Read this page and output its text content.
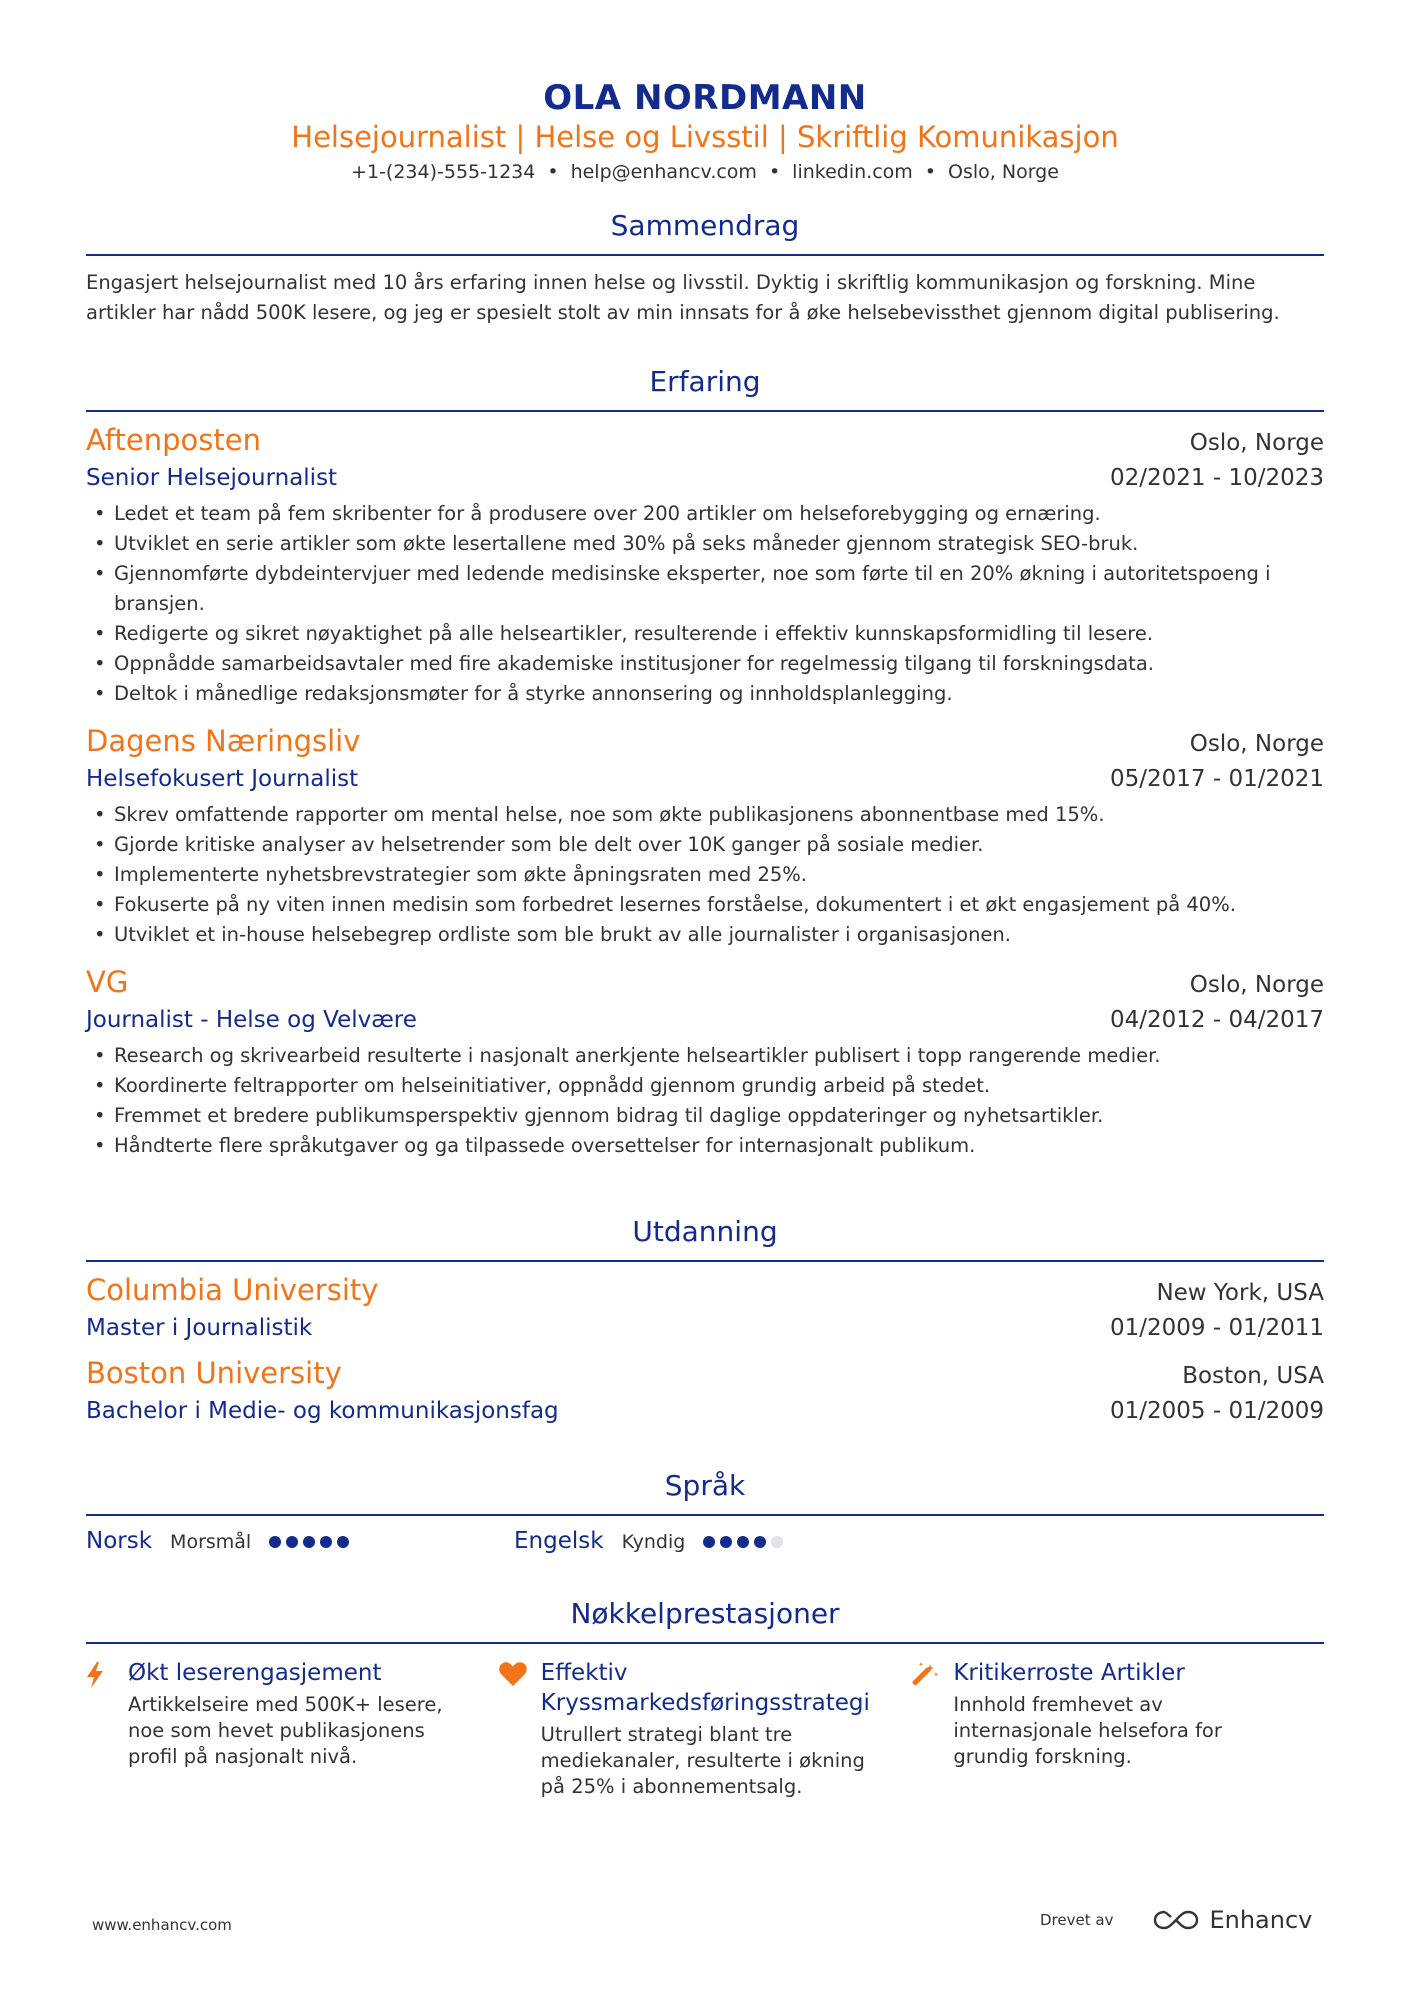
OLA NORDMANN
Helsejournalist | Helse og Livsstil | Skriftlig Komunikasjon
+1-(234)-555-1234 • help@enhancv.com • linkedin.com • Oslo, Norge
Sammendrag
Engasjert helsejournalist med 10 års erfaring innen helse og livsstil. Dyktig i skriftlig kommunikasjon og forskning. Mine artikler har nådd 500K lesere, og jeg er spesielt stolt av min innsats for å øke helsebevissthet gjennom digital publisering.
Erfaring
Aftenposten	Oslo, Norge
Senior Helsejournalist	02/2021 - 10/2023
• Ledet et team på fem skribenter for å produsere over 200 artikler om helseforebygging og ernæring.
• Utviklet en serie artikler som økte lesertallene med 30% på seks måneder gjennom strategisk SEO-bruk.
• Gjennomførte dybdeintervjuer med ledende medisinske eksperter, noe som førte til en 20% økning i autoritetspoeng i bransjen.
• Redigerte og sikret nøyaktighet på alle helseartikler, resulterende i effektiv kunnskapsformidling til lesere.
• Oppnådde samarbeidsavtaler med fire akademiske institusjoner for regelmessig tilgang til forskningsdata.
• Deltok i månedlige redaksjonsmøter for å styrke annonsering og innholdsplanlegging.
Dagens Næringsliv	Oslo, Norge
Helsefokusert Journalist	05/2017 - 01/2021
• Skrev omfattende rapporter om mental helse, noe som økte publikasjonens abonnentbase med 15%.
• Gjorde kritiske analyser av helsetrender som ble delt over 10K ganger på sosiale medier.
• Implementerte nyhetsbrevstrategier som økte åpningsraten med 25%.
• Fokuserte på ny viten innen medisin som forbedret lesernes forståelse, dokumentert i et økt engasjement på 40%.
• Utviklet et in-house helsebegrep ordliste som ble brukt av alle journalister i organisasjonen.
VG	Oslo, Norge
Journalist - Helse og Velvære	04/2012 - 04/2017
• Research og skrivearbeid resulterte i nasjonalt anerkjente helseartikler publisert i topp rangerende medier.
• Koordinerte feltrapporter om helseinitiativer, oppnådd gjennom grundig arbeid på stedet.
• Fremmet et bredere publikumsperspektiv gjennom bidrag til daglige oppdateringer og nyhetsartikler.
• Håndterte flere språkutgaver og ga tilpassede oversettelser for internasjonalt publikum.
Utdanning
Columbia University	New York, USA
Master i Journalistik	01/2009 - 01/2011
Boston University	Boston, USA
Bachelor i Medie- og kommunikasjonsfag	01/2005 - 01/2009
Språk
Norsk Morsmål	Engelsk Kyndig
Nøkkelprestasjoner
Økt leserengasjement
Artikkelseire med 500K+ lesere, noe som hevet publikasjonens profil på nasjonalt nivå.
Effektiv Kryssmarkedsføringsstrategi
Utrullert strategi blant tre mediekanaler, resulterte i økning på 25% i abonnementsalg.
Kritikerroste Artikler
Innhold fremhevet av internasjonale helsefora for grundig forskning.
www.enhancv.com	Drevet av	Enhancv
